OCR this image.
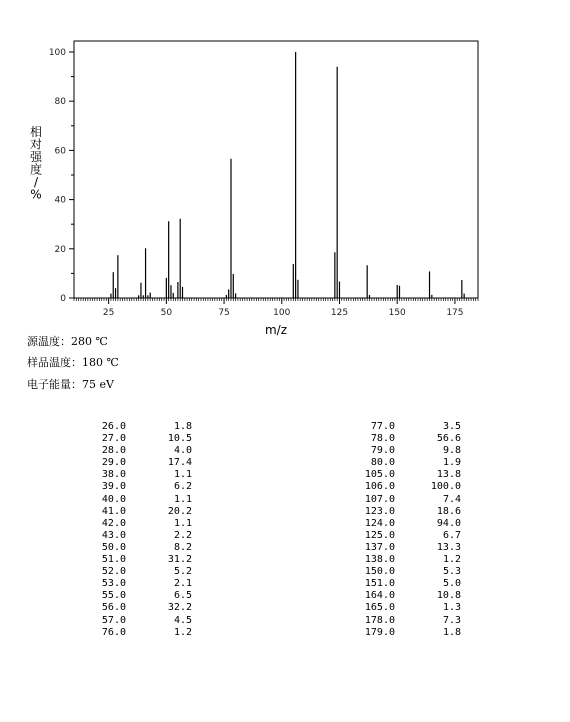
0
20
40
60
80
100
25	50	75	100	125	150	175
相对强度/ %
m/z
源温度：280 ℃
样品温度：180 ℃
电子能量：75 eV
26.0	1.8
27.0	10.5
28.0	4.0
29.0	17.4
38.0	1.1
39.0	6.2
40.0	1.1
41.0	20.2
42.0	1.1
43.0	2.2
50.0	8.2
51.0	31.2
52.0	5.2
53.0	2.1
55.0	6.5
56.0	32.2
57.0	4.5
76.0	1.2
77.0	3.5
78.0	56.6
79.0	9.8
80.0	1.9
105.0	13.8
106.0	100.0
107.0	7.4
123.0	18.6
124.0	94.0
125.0	6.7
137.0	13.3
138.0	1.2
150.0	5.3
151.0	5.0
164.0	10.8
165.0	1.3
178.0	7.3
179.0	1.8
